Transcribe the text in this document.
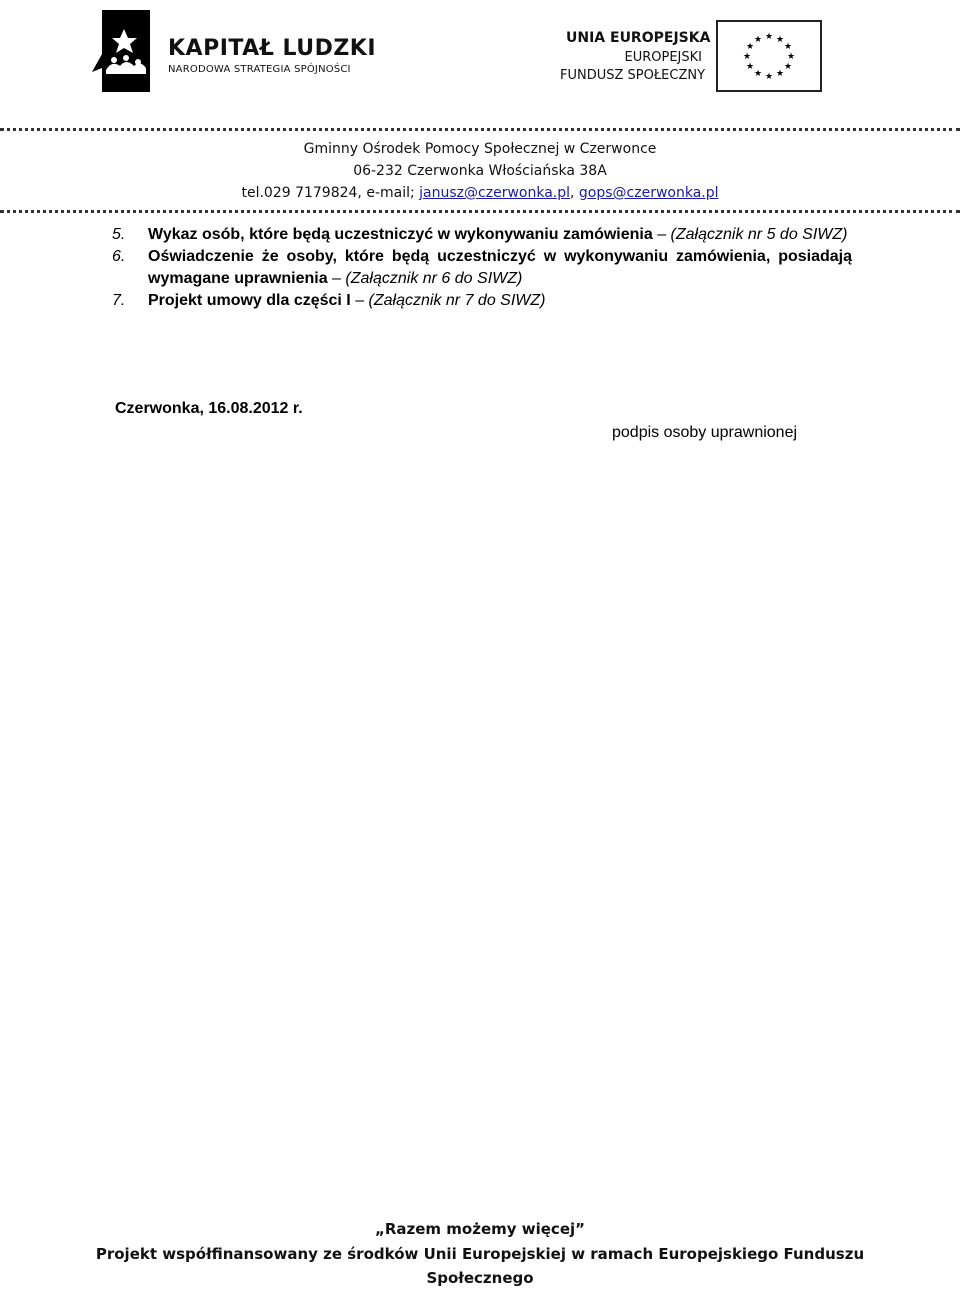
KAPITAŁ LUDZKI
NARODOWA STRATEGIA SPÓJNOŚCI
UNIA EUROPEJSKA
EUROPEJSKI
FUNDUSZ SPOŁECZNY
★ ★
★
★
★
★
★
★
★
★
★
★
Gminny Ośrodek Pomocy Społecznej w Czerwonce
06-232 Czerwonka Włościańska 38A
tel.029 7179824, e-mail; janusz@czerwonka.pl, gops@czerwonka.pl

5. Wykaz osób, które będą uczestniczyć w wykonywaniu zamówienia – (Załącznik nr 5 do SIWZ)

6. Oświadczenie że osoby, które będą uczestniczyć w wykonywaniu zamówienia, posiadają wymagane uprawnienia – (Załącznik nr 6 do SIWZ)

7. Projekt umowy dla części I – (Załącznik nr 7 do SIWZ)

Czerwonka, 16.08.2012 r.
podpis osoby uprawnionej
„Razem możemy więcej”
Projekt współfinansowany ze środków Unii Europejskiej w ramach Europejskiego Funduszu
Społecznego
